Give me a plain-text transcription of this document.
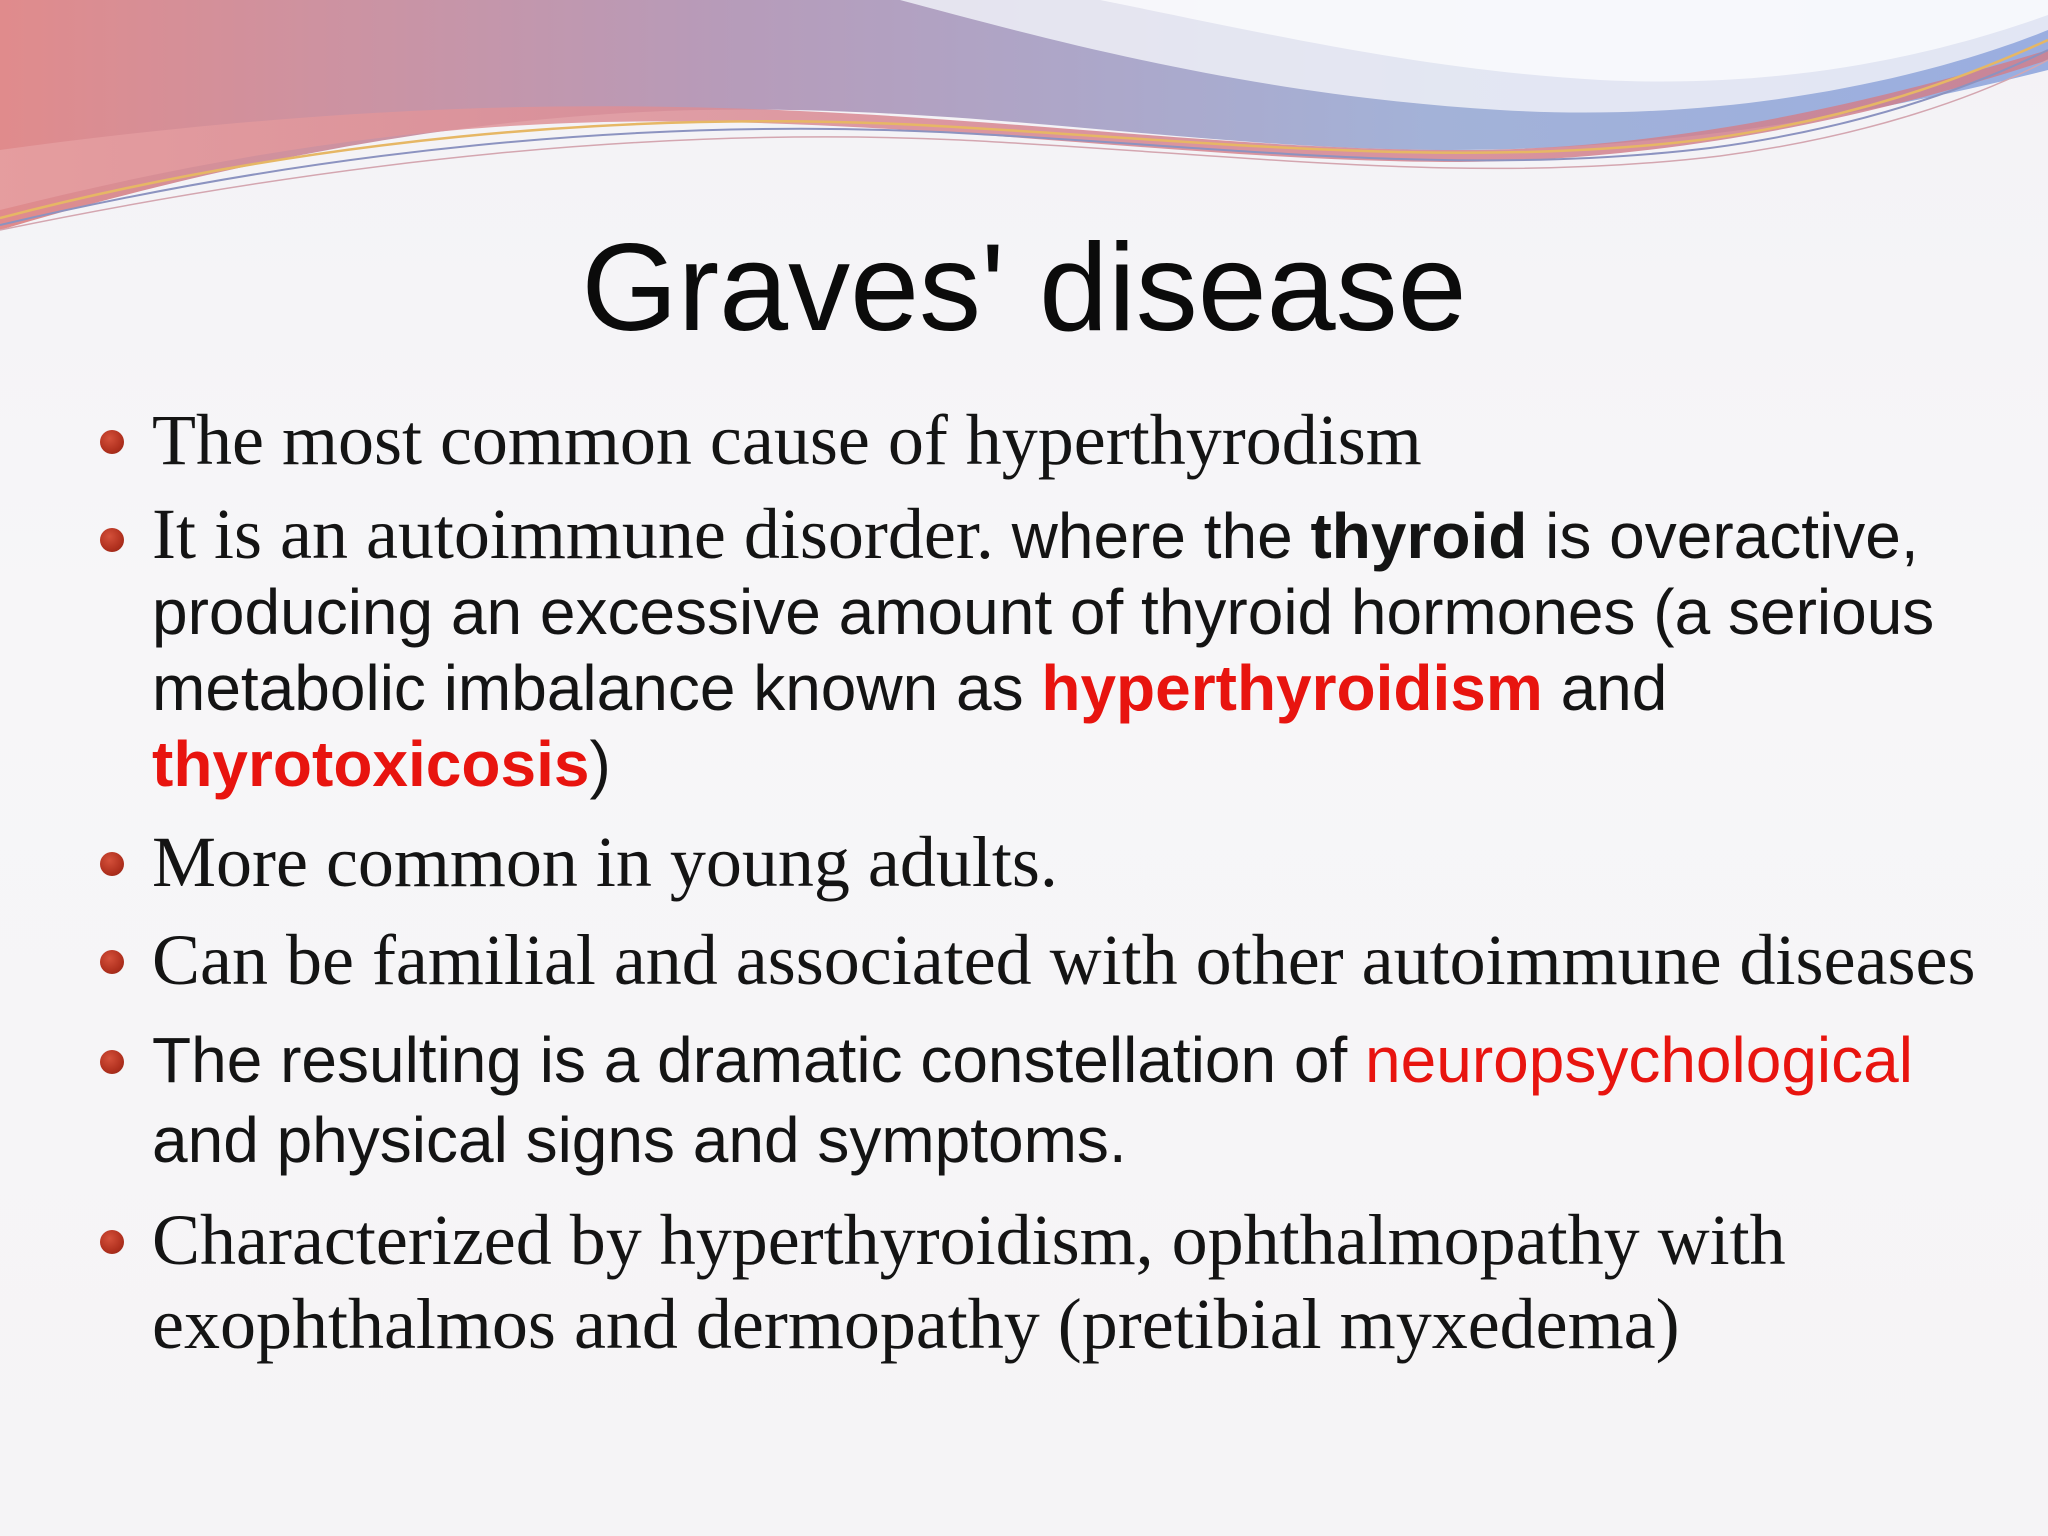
Graves' disease
The most common cause of hyperthyrodism
It is an autoimmune disorder. where the thyroid is overactive, producing an excessive amount of thyroid hormones (a serious metabolic imbalance known as hyperthyroidism and thyrotoxicosis)
More common in young adults.
Can be familial and associated with other autoimmune diseases
The resulting is a dramatic constellation of neuropsychological and physical signs and symptoms.
Characterized by hyperthyroidism, ophthalmopathy with exophthalmos and dermopathy (pretibial myxedema)
